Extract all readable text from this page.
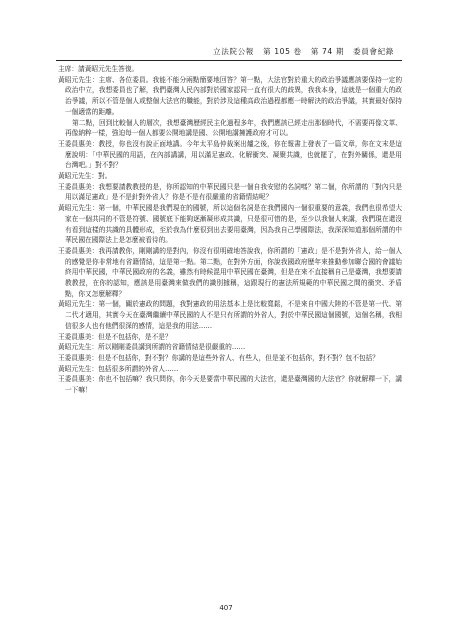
立法院公報 第 105 卷 第 74 期 委員會紀錄

主席：請黃昭元先生答復。

黃昭元先生：主席、各位委員。我能不能分兩點簡要地回答？第一點，大法官對於重大的政治爭議應該要保持一定的政治中立，我想委員也了解，我們臺灣人民內部對於國家認同一直有很大的歧異，我我本身，這就是一個重大的政治爭議，所以不管是個人或整個大法官的職能，對於涉及這種高政治過程都應一時解決的政治爭議，其實最好保持一個適當的距離。

第二點，回到比較個人的層次，我想臺灣歷經民主化過程多年，我們應該已經走出那個時代，不需要再像文革、再像納粹一樣，強迫每一個人都要公開地講是國、公開地講擁護政府才可以。

王委員惠美：教授，你也沒有說正面地講。今年太平島仲裁案出爐之後，你在報書上發表了一篇文章，你在文末是這麼說明：「中華民國的用語，在內部講講，用以滿足憲政、化解衝突、凝聚共識，也就罷了，在對外關係，還是用台灣吧。」對不對？

黃昭元先生：對。

王委員惠美：我想要請教教授的是，你所認知的中華民國只是一個自我安慰的名詞嗎？第二個，你所謂的「對內只是用以滿足憲政」是不是針對外省人？你是不是有很嚴重的省籍情結呢？

黃昭元先生：第一個，中華民國是我們現在的國號，所以這個名詞是在我們國內一個很重要的意義，我們也很希望大家在一個共同的不管是符號、國號底下能夠逐漸凝形成共識，只是很可惜的是，至少以我個人來講，我們現在還沒有看到這樣的共識的具體形成，至於我為什麼很到出去要用臺灣，因為我自己學國際法，我深深知道那個所謂的中華民國在國際法上是怎麼被看待的。

王委員惠美：我再請教你，剛剛講的是對內，你沒有很明確地答說我，你所謂的「憲政」是不是對外省人，給一個人的感覺是你非常地有省籍情結，這是第一點。第二點，在對外方面，你說我國政府歷年來推動參加聯合國的會議始終用中華民國，中華民國政府的名義，雖然有時候混用中華民國在臺灣，但是在來不直接稱自己是臺灣，我想要請教教授，在你的認知，應該是用臺灣來做我們的識別據稱，這跟現行的憲法所規範的中華民國之間的衝突、矛盾點，你又怎麼解釋？

黃昭元先生：第一個，關於憲政的問題，我對憲政的用法基本上是比較寬鬆，不是來自中國大陸的不管是第一代、第二代才適用，其實今天在臺灣繼續中華民國的人不是只有所謂的外省人，對於中華民國這個國號，這個名稱，我相信很多人也有他們很深的感情，這是我的用法……

王委員惠美：但是不包括你，是不是？

黃昭元先生：所以剛剛委員講到所謂的省籍情結是很嚴重的……

王委員惠美：但是不包括你，對不對？你講的是這些外省人、有些人，但是並不包括你，對不對？包不包括？

黃昭元先生：包括很多所謂的外省人……

王委員惠美：你也不包括嘛？我只問你，你今天是要當中華民國的大法官，還是臺灣國的大法官？你就解釋一下，講一下嘛！

407
